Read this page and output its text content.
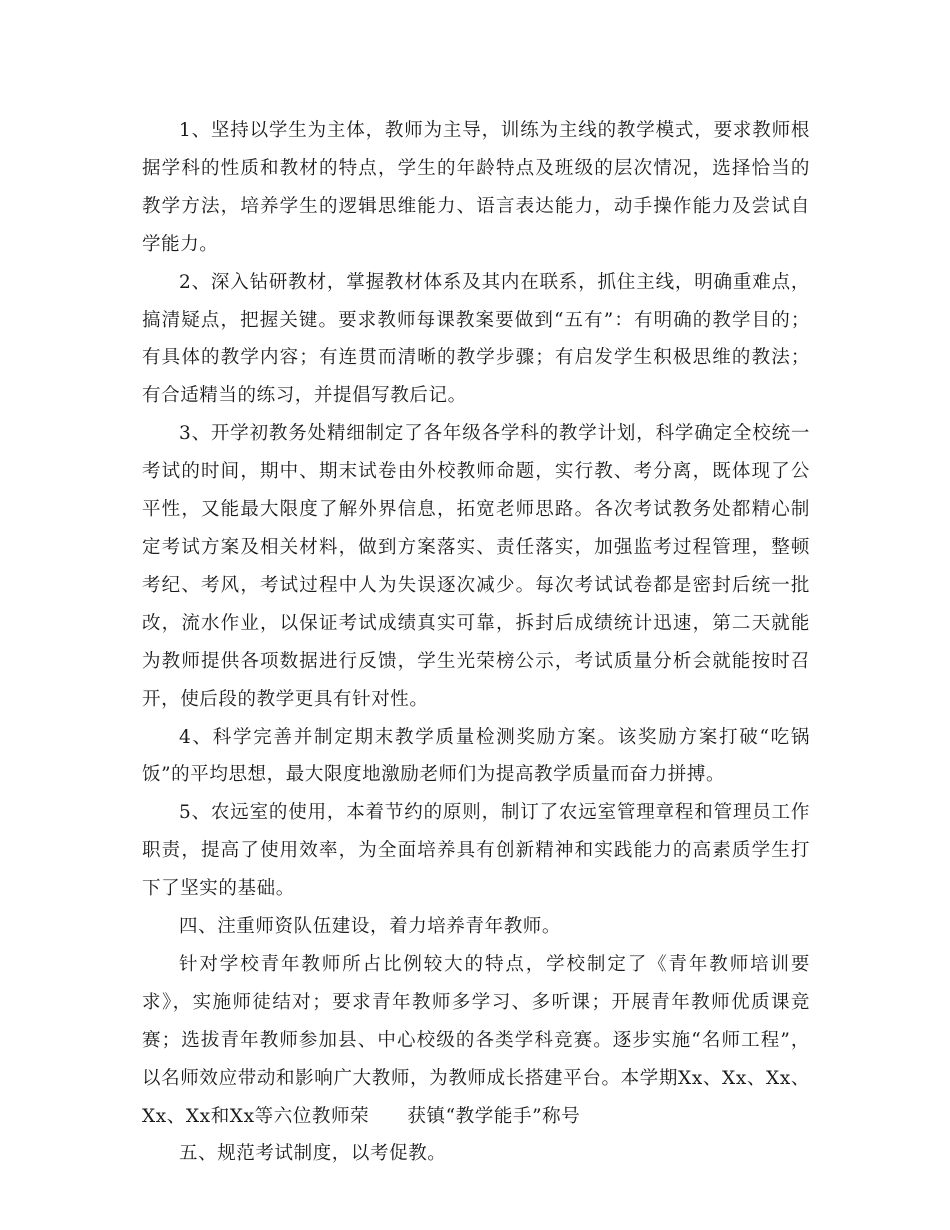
1、坚持以学生为主体，教师为主导，训练为主线的教学模式，要求教师根据学科的性质和教材的特点，学生的年龄特点及班级的层次情况，选择恰当的教学方法，培养学生的逻辑思维能力、语言表达能力，动手操作能力及尝试自学能力。

2、深入钻研教材，掌握教材体系及其内在联系，抓住主线，明确重难点，搞清疑点，把握关键。要求教师每课教案要做到“五有”：有明确的教学目的；有具体的教学内容；有连贯而清晰的教学步骤；有启发学生积极思维的教法；有合适精当的练习，并提倡写教后记。

3、开学初教务处精细制定了各年级各学科的教学计划，科学确定全校统一考试的时间，期中、期末试卷由外校教师命题，实行教、考分离，既体现了公平性，又能最大限度了解外界信息，拓宽老师思路。各次考试教务处都精心制定考试方案及相关材料，做到方案落实、责任落实，加强监考过程管理，整顿考纪、考风，考试过程中人为失误逐次减少。每次考试试卷都是密封后统一批改，流水作业，以保证考试成绩真实可靠，拆封后成绩统计迅速，第二天就能为教师提供各项数据进行反馈，学生光荣榜公示，考试质量分析会就能按时召开，使后段的教学更具有针对性。

4、科学完善并制定期末教学质量检测奖励方案。该奖励方案打破“吃锅饭”的平均思想，最大限度地激励老师们为提高教学质量而奋力拼搏。

5、农远室的使用，本着节约的原则，制订了农远室管理章程和管理员工作职责，提高了使用效率，为全面培养具有创新精神和实践能力的高素质学生打下了坚实的基础。

四、注重师资队伍建设，着力培养青年教师。

针对学校青年教师所占比例较大的特点，学校制定了《青年教师培训要求》，实施师徒结对；要求青年教师多学习、多听课；开展青年教师优质课竞赛；选拔青年教师参加县、中心校级的各类学科竞赛。逐步实施“名师工程”，以名师效应带动和影响广大教师，为教师成长搭建平台。本学期Xx、Xx、Xx、Xx、Xx和Xx等六位教师荣　　获镇“教学能手”称号

五、规范考试制度，以考促教。
